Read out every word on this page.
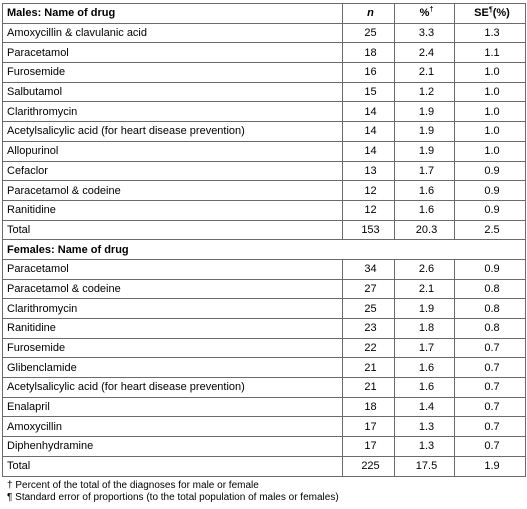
Males: Name of drug	n	%†	SE¶(%)
Amoxycillin & clavulanic acid	25	3.3	1.3
Paracetamol	18	2.4	1.1
Furosemide	16	2.1	1.0
Salbutamol	15	1.2	1.0
Clarithromycin	14	1.9	1.0
Acetylsalicylic acid (for heart disease prevention)	14	1.9	1.0
Allopurinol	14	1.9	1.0
Cefaclor	13	1.7	0.9
Paracetamol & codeine	12	1.6	0.9
Ranitidine	12	1.6	0.9
Total	153	20.3	2.5
Females: Name of drug			
Paracetamol	34	2.6	0.9
Paracetamol & codeine	27	2.1	0.8
Clarithromycin	25	1.9	0.8
Ranitidine	23	1.8	0.8
Furosemide	22	1.7	0.7
Glibenclamide	21	1.6	0.7
Acetylsalicylic acid (for heart disease prevention)	21	1.6	0.7
Enalapril	18	1.4	0.7
Amoxycillin	17	1.3	0.7
Diphenhydramine	17	1.3	0.7
Total	225	17.5	1.9
† Percent of the total of the diagnoses for male or female
¶ Standard error of proportions (to the total population of males or females)
